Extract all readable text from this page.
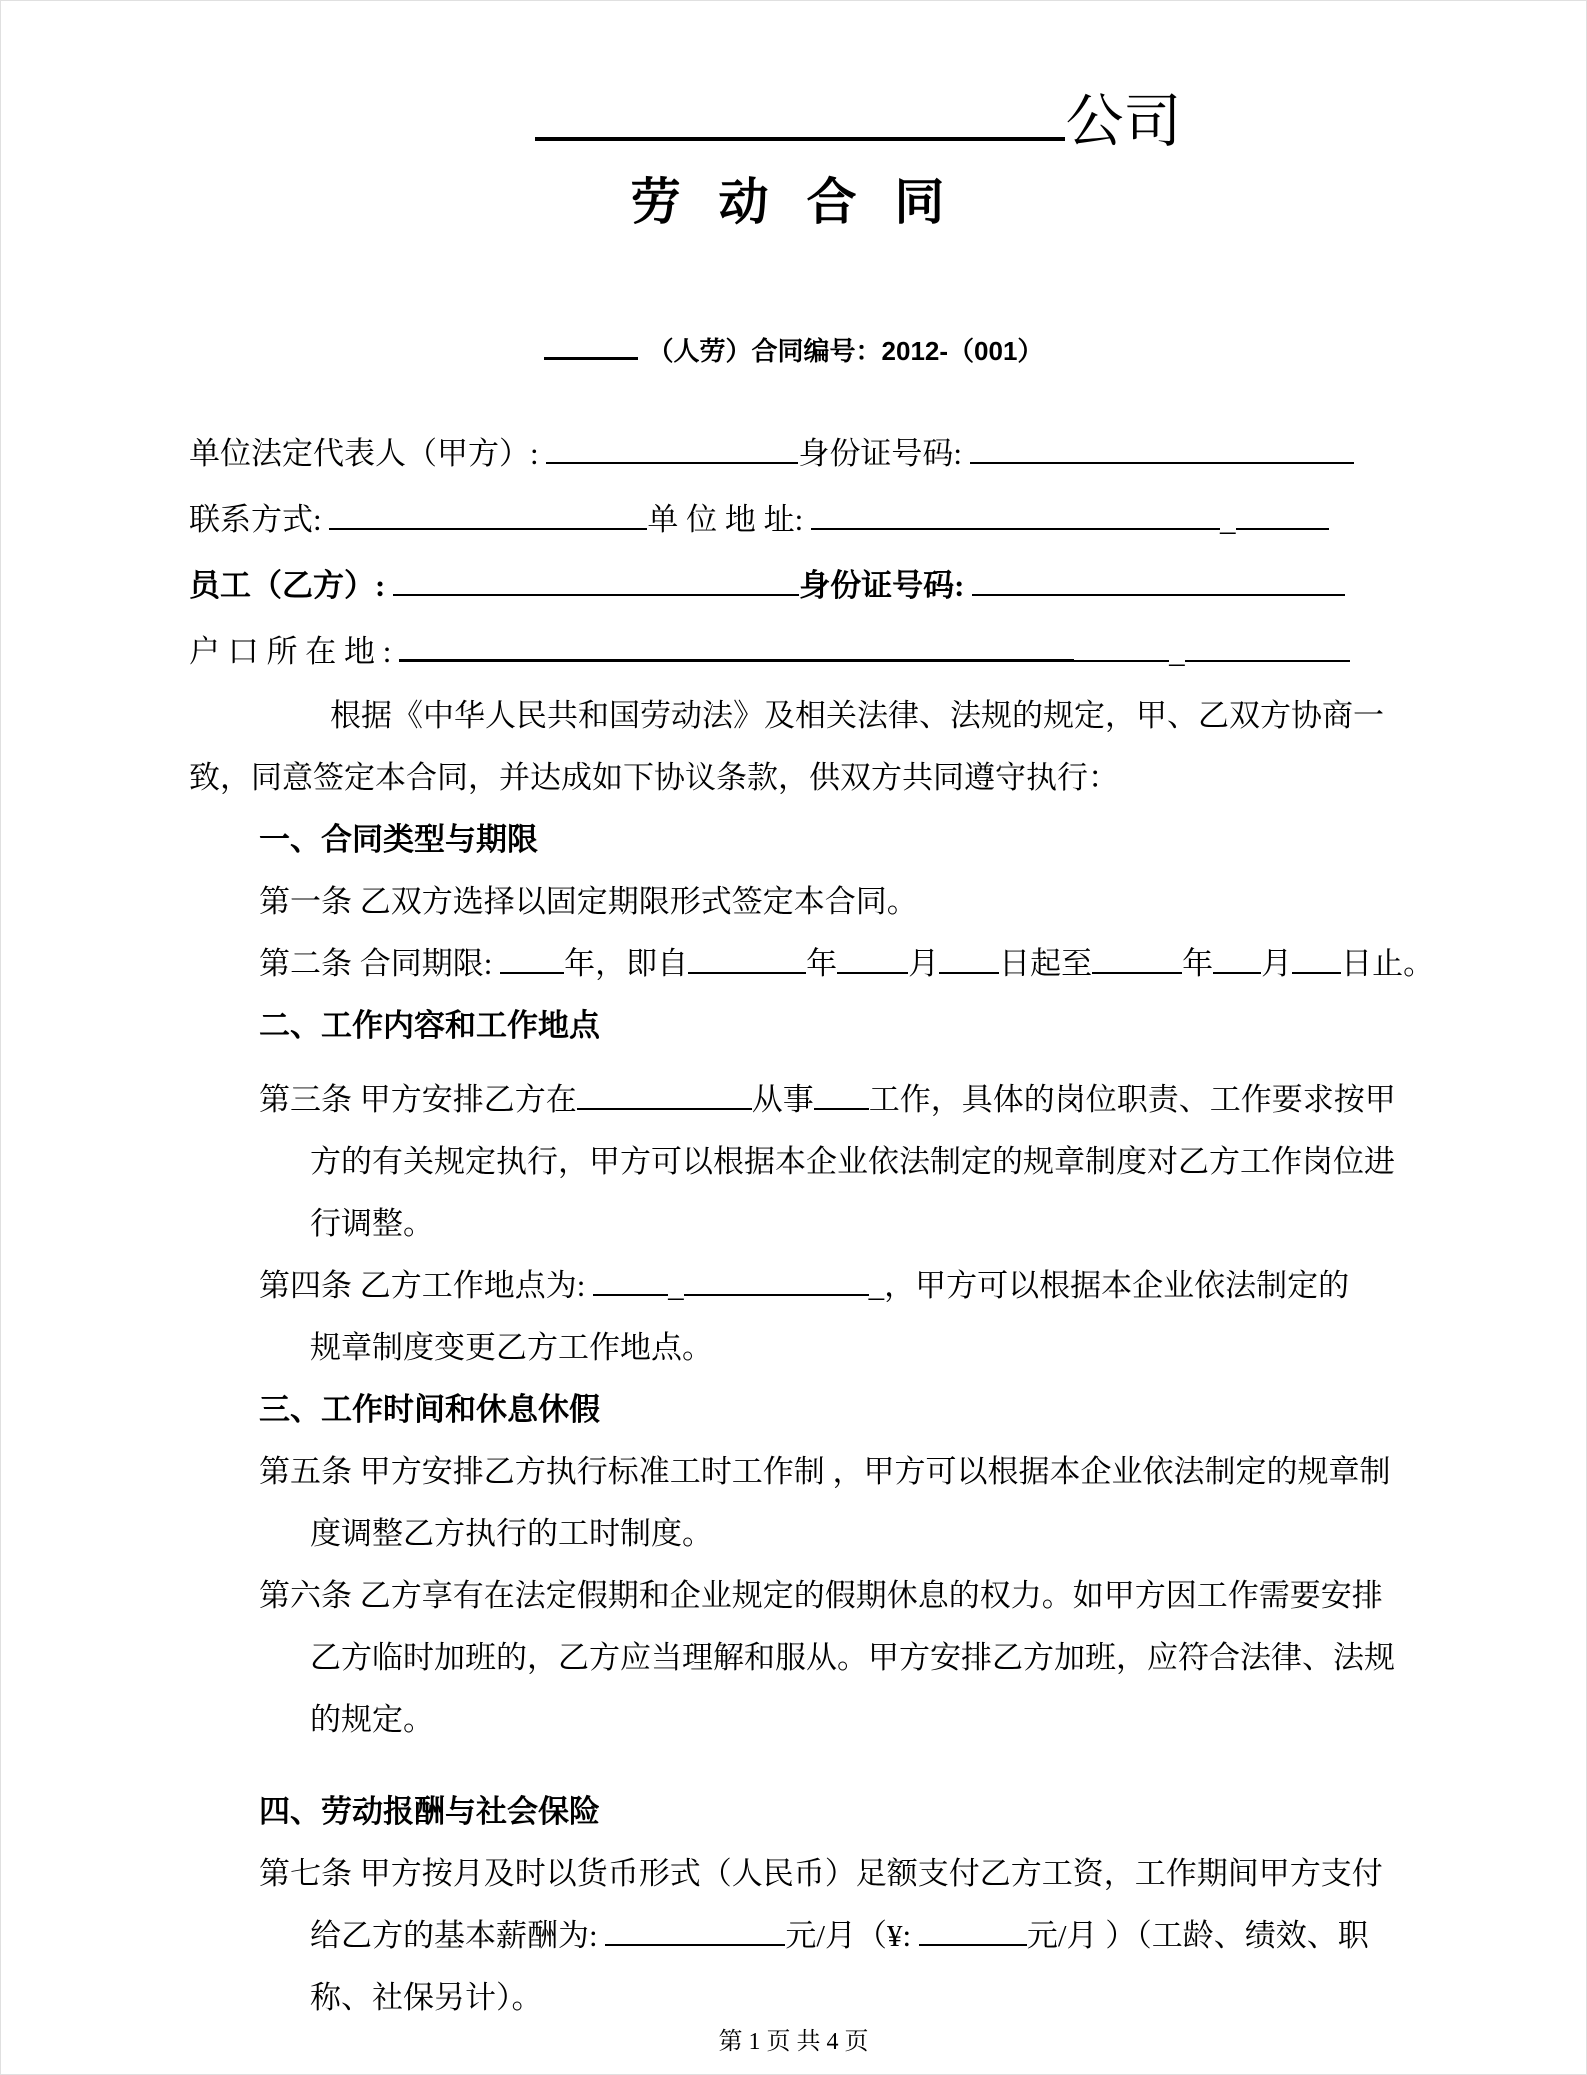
公司
劳 动 合 同
（人劳）合同编号：2012-（001）
单位法定代表人（甲方）:	身份证号码:
联系方式:	单 位 地 址:	_
员工（乙方）:	身份证号码:
户 口 所 在 地 :	_
根据《中华人民共和国劳动法》及相关法律、法规的规定，甲、乙双方协商一
致，同意签定本合同，并达成如下协议条款，供双方共同遵守执行：
一、合同类型与期限
第一条 乙双方选择以固定期限形式签定本合同。
第二条 合同期限: 年，即自	年 月 日起至	年 月 日止。
二、工作内容和工作地点
第三条 甲方安排乙方在	从事 工作，具体的岗位职责、工作要求按甲
方的有关规定执行，甲方可以根据本企业依法制定的规章制度对乙方工作岗位进
行调整。
第四条 乙方工作地点为: _	_，甲方可以根据本企业依法制定的
规章制度变更乙方工作地点。
三、工作时间和休息休假
第五条 甲方安排乙方执行标准工时工作制 ，甲方可以根据本企业依法制定的规章制
度调整乙方执行的工时制度。
第六条 乙方享有在法定假期和企业规定的假期休息的权力。如甲方因工作需要安排
乙方临时加班的，乙方应当理解和服从。甲方安排乙方加班，应符合法律、法规
的规定。
四、劳动报酬与社会保险
第七条 甲方按月及时以货币形式（人民币）足额支付乙方工资，工作期间甲方支付
给乙方的基本薪酬为:	元/月（¥:	元/月 ）（工龄、绩效、职
称、社保另计）。
第 1 页 共 4 页
